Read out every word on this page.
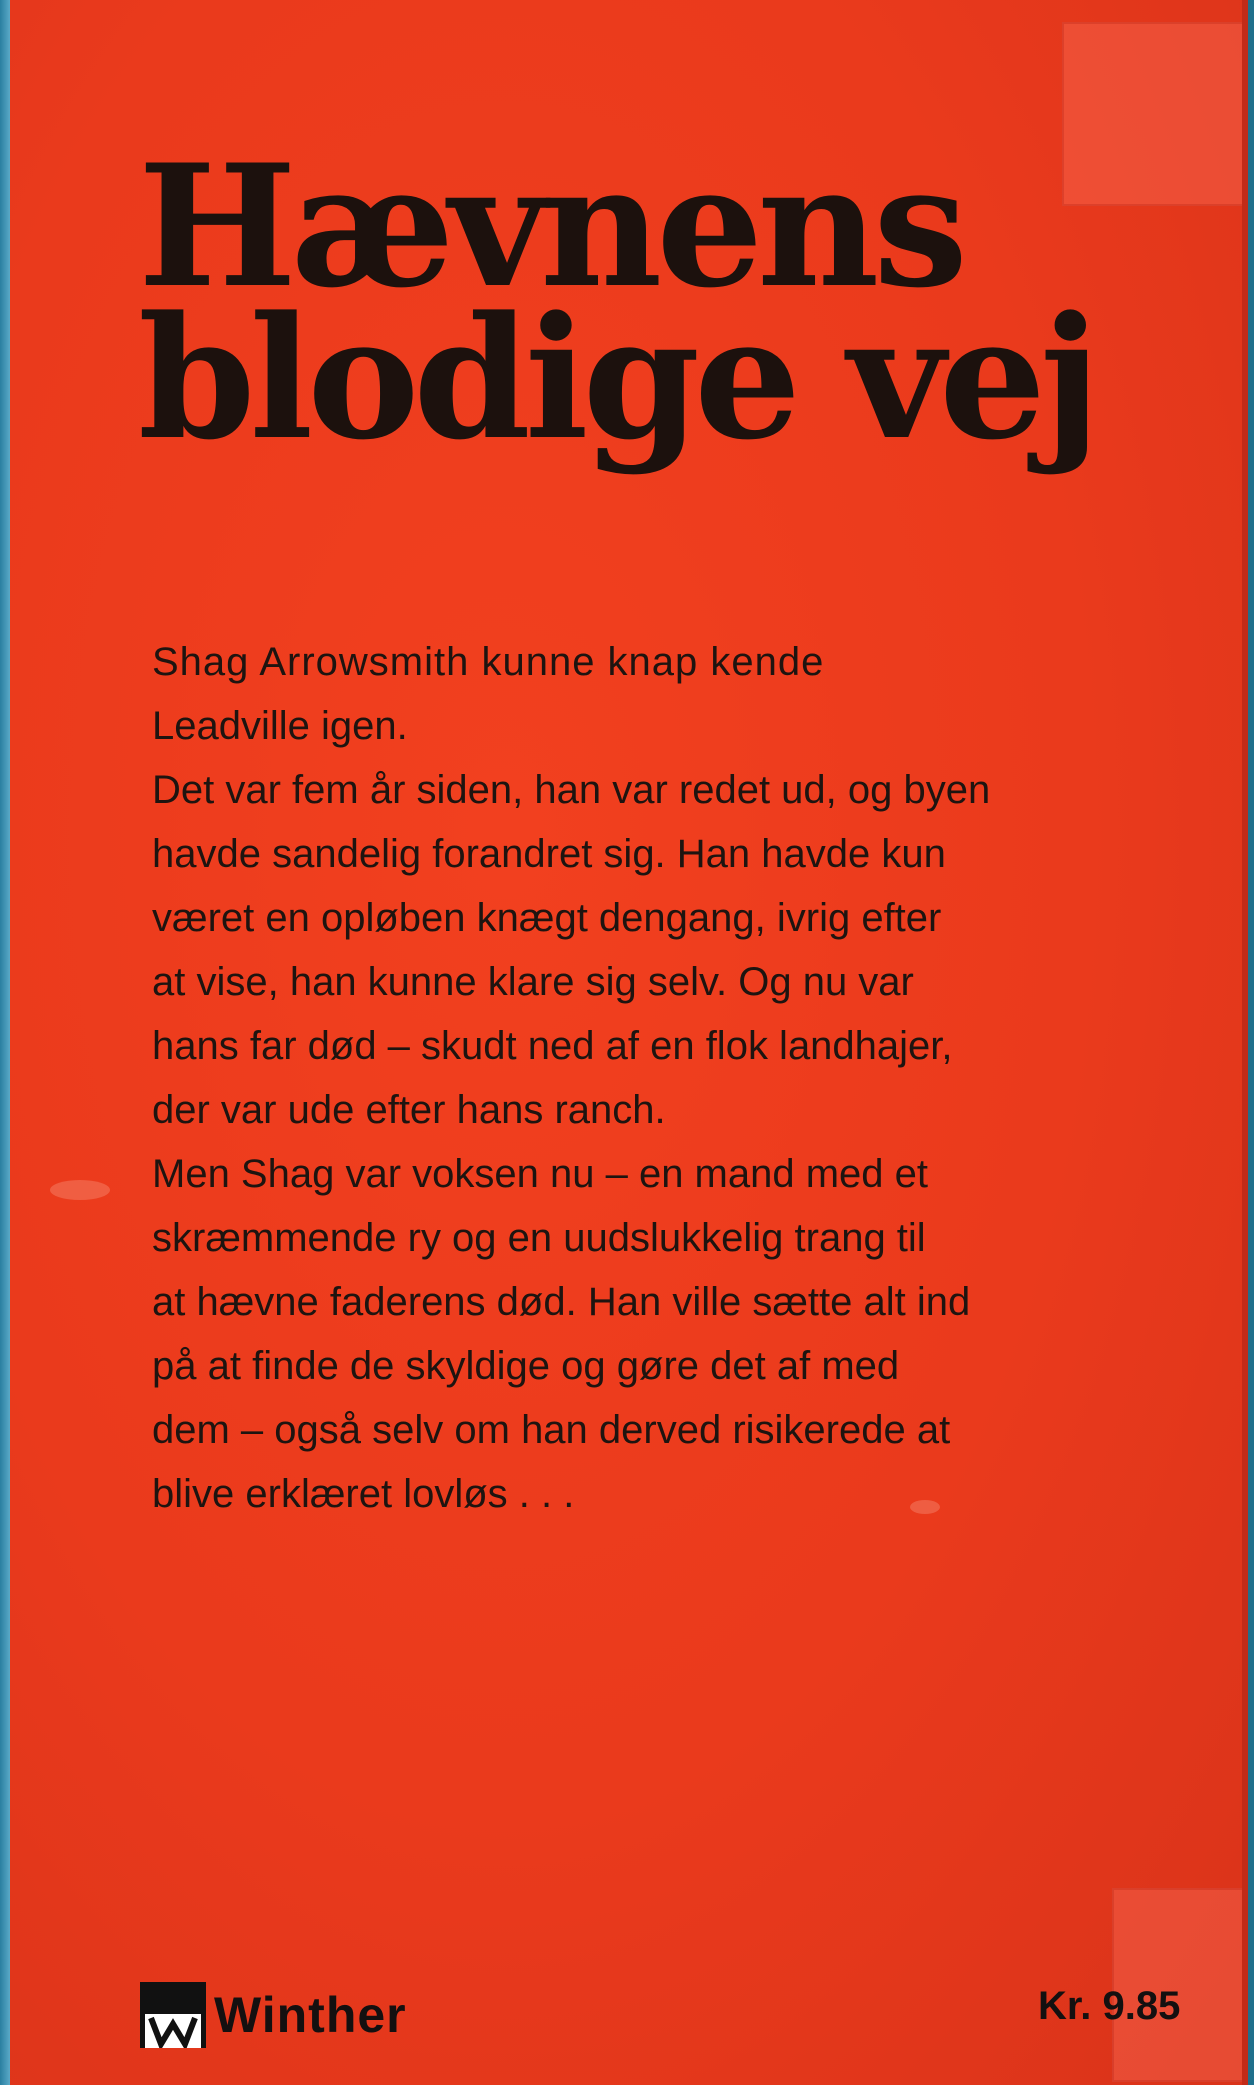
Hævnens
blodige vej

Shag Arrowsmith kunne knap kende

Leadville igen.

Det var fem år siden, han var redet ud, og byen

havde sandelig forandret sig. Han havde kun

været en opløben knægt dengang, ivrig efter

at vise, han kunne klare sig selv. Og nu var

hans far død – skudt ned af en flok landhajer,

der var ude efter hans ranch.

Men Shag var voksen nu – en mand med et

skræmmende ry og en uudslukkelig trang til

at hævne faderens død. Han ville sætte alt ind

på at finde de skyldige og gøre det af med

dem – også selv om han derved risikerede at

blive erklæret lovløs . . .

Winther	Kr. 9.85
